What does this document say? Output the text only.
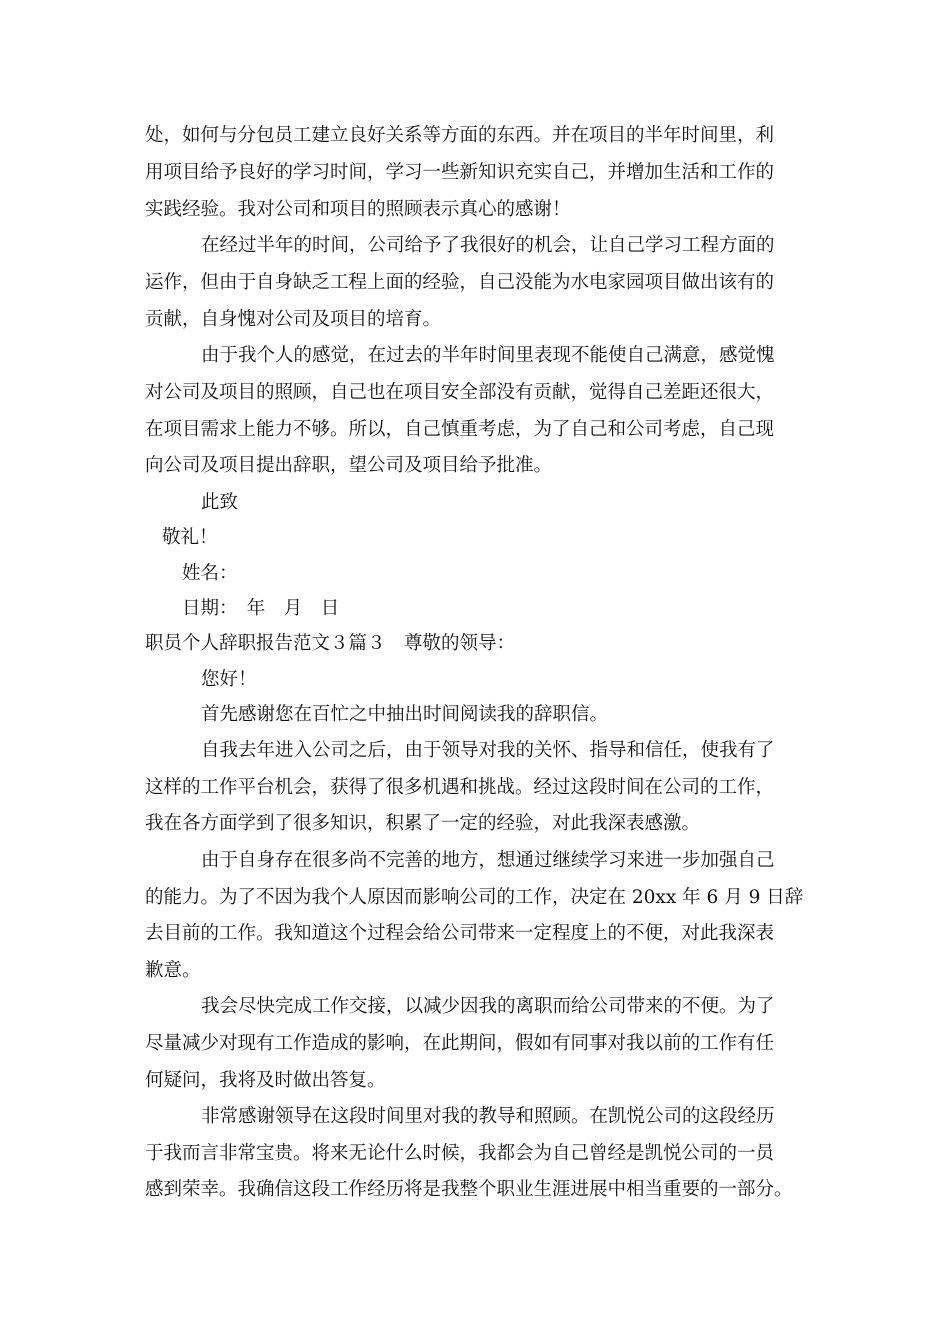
处，如何与分包员工建立良好关系等方面的东西。并在项目的半年时间里，利
用项目给予良好的学习时间，学习一些新知识充实自己，并增加生活和工作的
实践经验。我对公司和项目的照顾表示真心的感谢！
在经过半年的时间，公司给予了我很好的机会，让自己学习工程方面的
运作，但由于自身缺乏工程上面的经验，自己没能为水电家园项目做出该有的
贡献，自身愧对公司及项目的培育。
由于我个人的感觉，在过去的半年时间里表现不能使自己满意，感觉愧
对公司及项目的照顾，自己也在项目安全部没有贡献，觉得自己差距还很大，
在项目需求上能力不够。所以，自己慎重考虑，为了自己和公司考虑，自己现
向公司及项目提出辞职，望公司及项目给予批准。
此致
敬礼！
姓名：
日期：　年　月　日
职员个人辞职报告范文３篇３　尊敬的领导：
您好！
首先感谢您在百忙之中抽出时间阅读我的辞职信。
自我去年进入公司之后，由于领导对我的关怀、指导和信任，使我有了
这样的工作平台机会，获得了很多机遇和挑战。经过这段时间在公司的工作，
我在各方面学到了很多知识，积累了一定的经验，对此我深表感激。
由于自身存在很多尚不完善的地方，想通过继续学习来进一步加强自己
的能力。为了不因为我个人原因而影响公司的工作，决定在 20xx 年 6 月 9 日辞
去目前的工作。我知道这个过程会给公司带来一定程度上的不便，对此我深表
歉意。
我会尽快完成工作交接，以减少因我的离职而给公司带来的不便。为了
尽量减少对现有工作造成的影响，在此期间，假如有同事对我以前的工作有任
何疑问，我将及时做出答复。
非常感谢领导在这段时间里对我的教导和照顾。在凯悦公司的这段经历
于我而言非常宝贵。将来无论什么时候，我都会为自己曾经是凯悦公司的一员
感到荣幸。我确信这段工作经历将是我整个职业生涯进展中相当重要的一部分。
